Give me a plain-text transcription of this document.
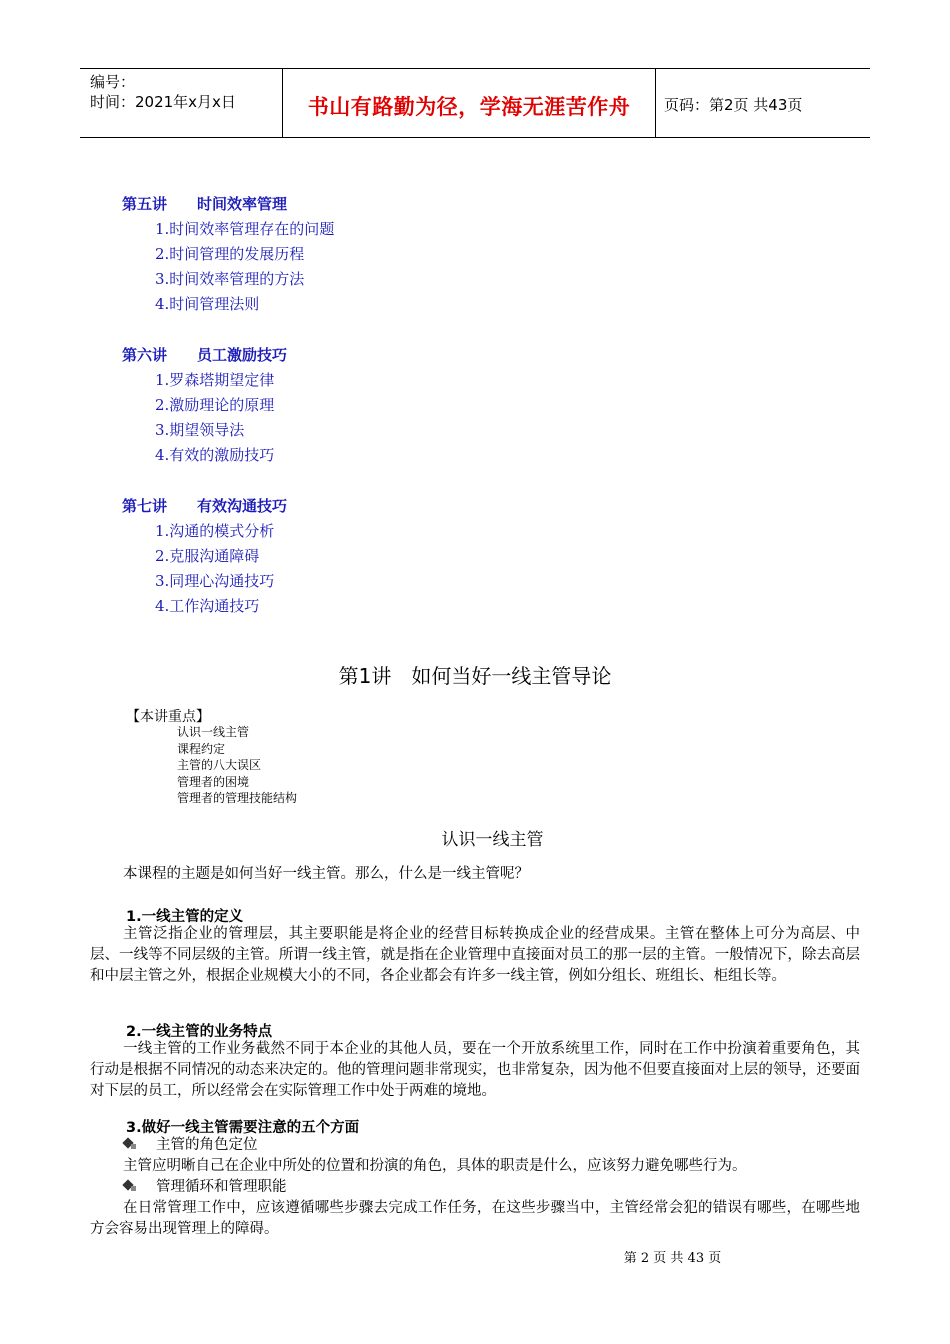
编号：
时间：2021年x月x日	书山有路勤为径，学海无涯苦作舟	页码：第2页 共43页
第五讲 时间效率管理
1.时间效率管理存在的问题
2.时间管理的发展历程
3.时间效率管理的方法
4.时间管理法则
第六讲 员工激励技巧
1.罗森塔期望定律
2.激励理论的原理
3.期望领导法
4.有效的激励技巧
第七讲 有效沟通技巧
1.沟通的模式分析
2.克服沟通障碍
3.同理心沟通技巧
4.工作沟通技巧
第1讲　如何当好一线主管导论
【本讲重点】
认识一线主管
课程约定
主管的八大误区
管理者的困境
管理者的管理技能结构
认识一线主管
本课程的主题是如何当好一线主管。那么，什么是一线主管呢？
1.一线主管的定义
主管泛指企业的管理层，其主要职能是将企业的经营目标转换成企业的经营成果。主管在整体上可分为高层、中层、一线等不同层级的主管。所谓一线主管，就是指在企业管理中直接面对员工的那一层的主管。一般情况下，除去高层和中层主管之外，根据企业规模大小的不同，各企业都会有许多一线主管，例如分组长、班组长、柜组长等。
2.一线主管的业务特点
一线主管的工作业务截然不同于本企业的其他人员，要在一个开放系统里工作，同时在工作中扮演着重要角色，其行动是根据不同情况的动态来决定的。他的管理问题非常现实，也非常复杂，因为他不但要直接面对上层的领导，还要面对下层的员工，所以经常会在实际管理工作中处于两难的境地。
3.做好一线主管需要注意的五个方面
主管的角色定位
主管应明晰自己在企业中所处的位置和扮演的角色，具体的职责是什么，应该努力避免哪些行为。
管理循环和管理职能
在日常管理工作中，应该遵循哪些步骤去完成工作任务，在这些步骤当中，主管经常会犯的错误有哪些，在哪些地方会容易出现管理上的障碍。
第 2 页 共 43 页
